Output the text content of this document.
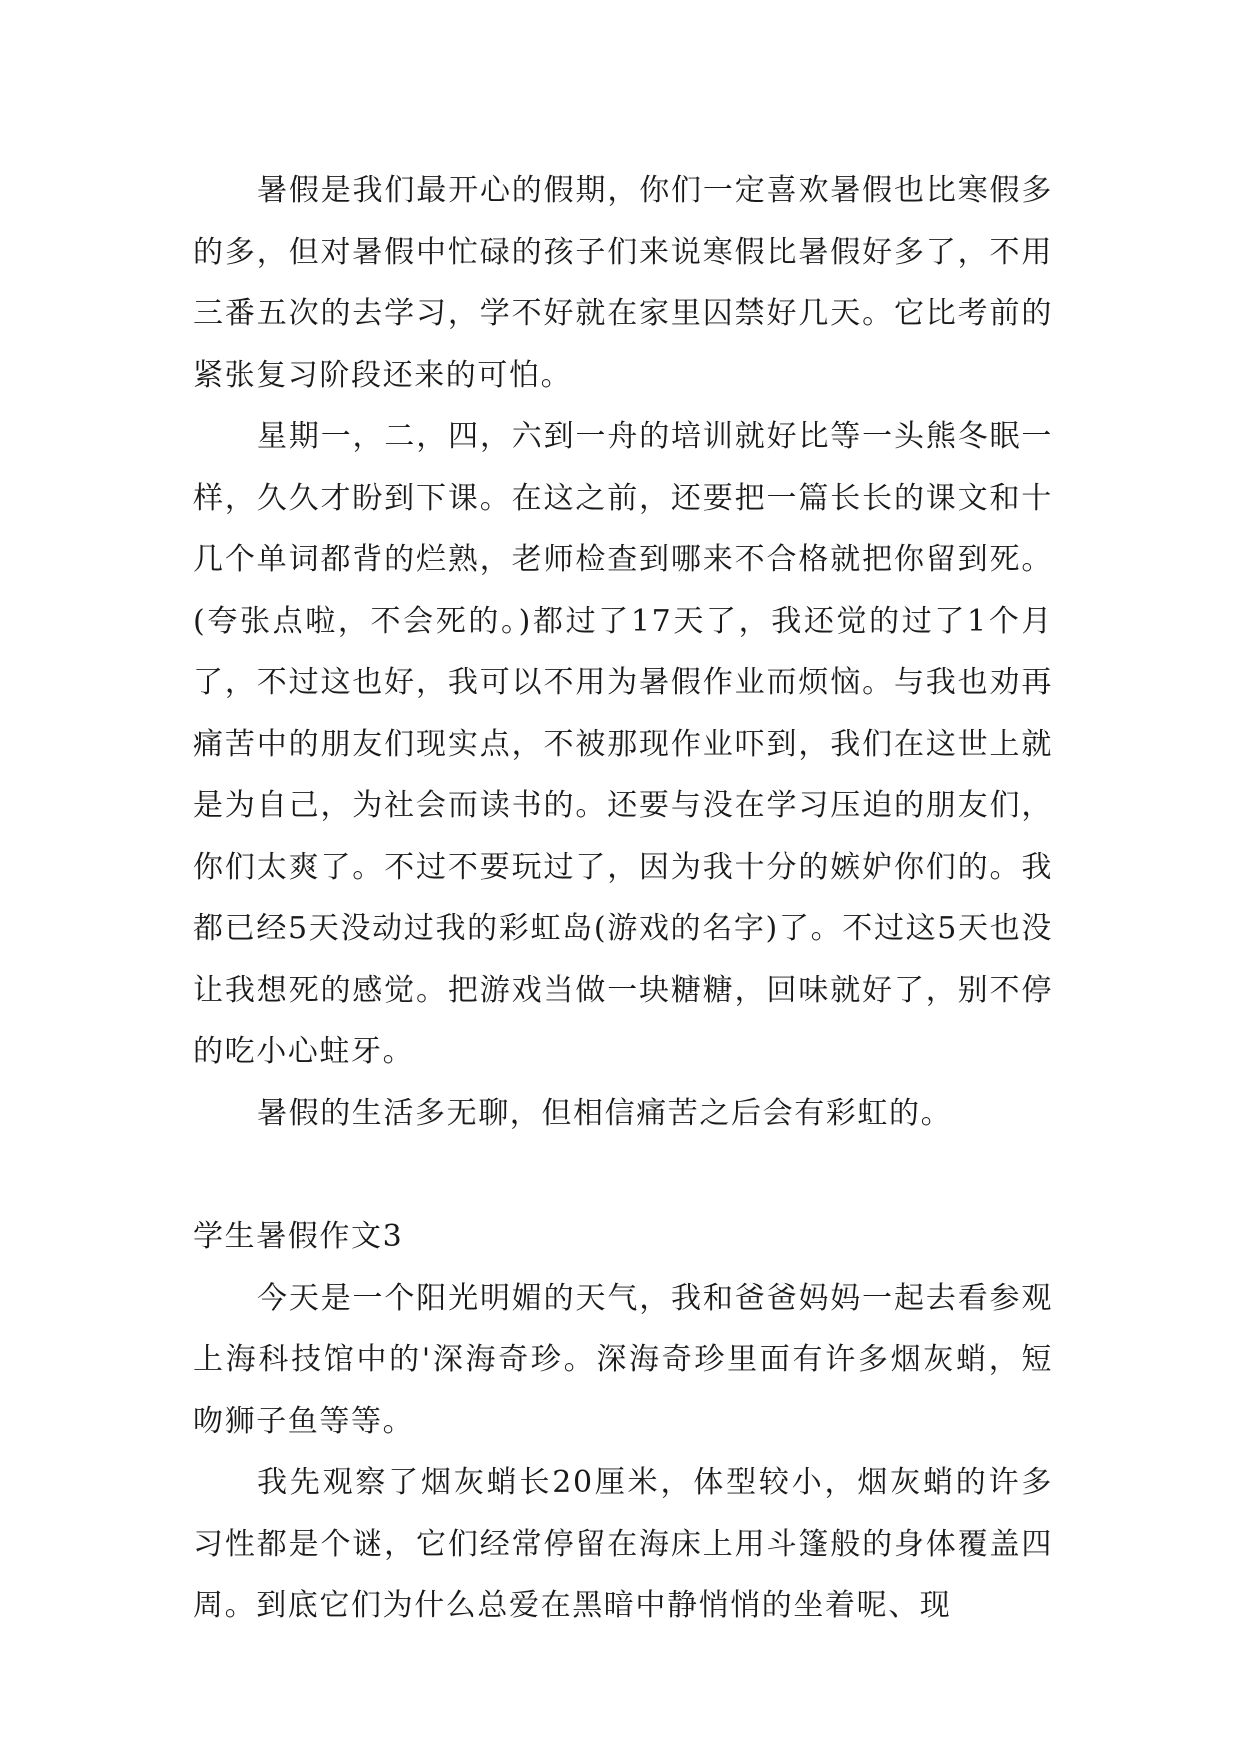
暑假是我们最开心的假期，你们一定喜欢暑假也比寒假多的多，但对暑假中忙碌的孩子们来说寒假比暑假好多了，不用三番五次的去学习，学不好就在家里囚禁好几天。它比考前的紧张复习阶段还来的可怕。

星期一，二，四，六到一舟的培训就好比等一头熊冬眠一样，久久才盼到下课。在这之前，还要把一篇长长的课文和十几个单词都背的烂熟，老师检查到哪来不合格就把你留到死。(夸张点啦，不会死的。)都过了17天了，我还觉的过了1个月了，不过这也好，我可以不用为暑假作业而烦恼。与我也劝再痛苦中的朋友们现实点，不被那现作业吓到，我们在这世上就是为自己，为社会而读书的。还要与没在学习压迫的朋友们，你们太爽了。不过不要玩过了，因为我十分的嫉妒你们的。我都已经5天没动过我的彩虹岛(游戏的名字)了。不过这5天也没让我想死的感觉。把游戏当做一块糖糖，回味就好了，别不停的吃小心蛀牙。

暑假的生活多无聊，但相信痛苦之后会有彩虹的。

学生暑假作文3

今天是一个阳光明媚的天气，我和爸爸妈妈一起去看参观上海科技馆中的'深海奇珍。深海奇珍里面有许多烟灰蛸，短吻狮子鱼等等。

我先观察了烟灰蛸长20厘米，体型较小，烟灰蛸的许多习性都是个谜，它们经常停留在海床上用斗篷般的身体覆盖四周。到底它们为什么总爱在黑暗中静悄悄的坐着呢、现
